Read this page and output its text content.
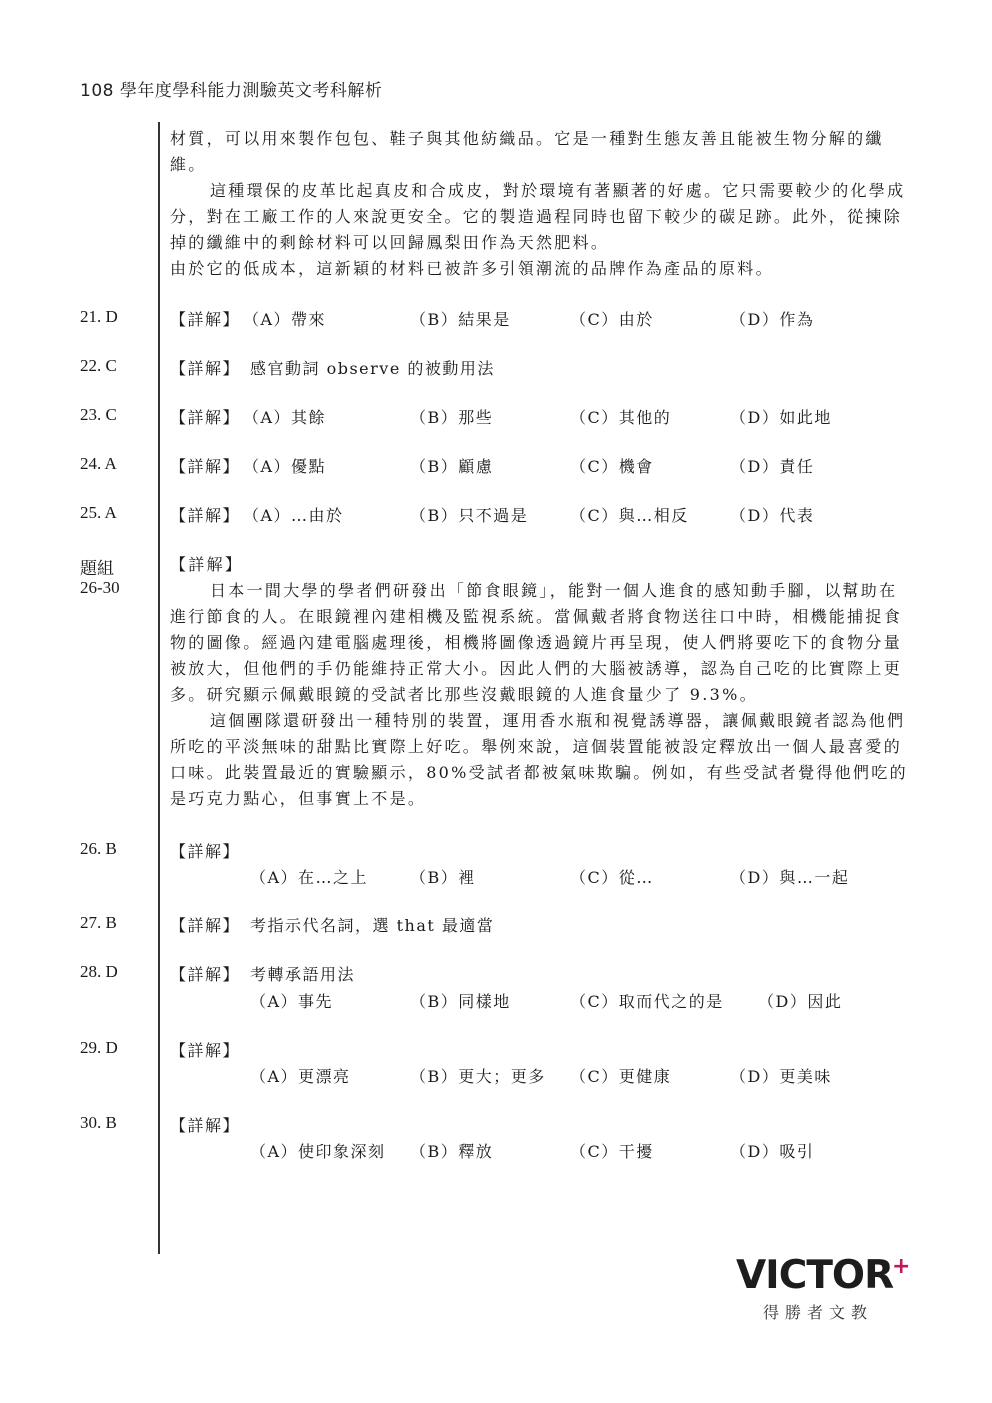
108 學年度學科能力測驗英文考科解析

材質，可以用來製作包包、鞋子與其他紡織品。它是一種對生態友善且能被生物分解的纖維。

這種環保的皮革比起真皮和合成皮，對於環境有著顯著的好處。它只需要較少的化學成分，對在工廠工作的人來說更安全。它的製造過程同時也留下較少的碳足跡。此外，從揀除掉的纖維中的剩餘材料可以回歸鳳梨田作為天然肥料。

由於它的低成本，這新穎的材料已被許多引領潮流的品牌作為產品的原料。

21. D	【詳解】 （A）帶來	（B）結果是	（C）由於	（D）作為
22. C	【詳解】 感官動詞 observe 的被動用法
23. C	【詳解】 （A）其餘	（B）那些	（C）其他的	（D）如此地
24. A	【詳解】 （A）優點	（B）顧慮	（C）機會	（D）責任
25. A	【詳解】 （A）…由於	（B）只不過是	（C）與…相反	（D）代表
題組
26-30

【詳解】

日本一間大學的學者們研發出「節食眼鏡」，能對一個人進食的感知動手腳，以幫助在進行節食的人。在眼鏡裡內建相機及監視系統。當佩戴者將食物送往口中時，相機能捕捉食物的圖像。經過內建電腦處理後，相機將圖像透過鏡片再呈現，使人們將要吃下的食物分量被放大，但他們的手仍能維持正常大小。因此人們的大腦被誘導，認為自己吃的比實際上更多。研究顯示佩戴眼鏡的受試者比那些沒戴眼鏡的人進食量少了 9.3%。

這個團隊還研發出一種特別的裝置，運用香水瓶和視覺誘導器，讓佩戴眼鏡者認為他們所吃的平淡無味的甜點比實際上好吃。舉例來說，這個裝置能被設定釋放出一個人最喜愛的口味。此裝置最近的實驗顯示，80%受試者都被氣味欺騙。例如，有些受試者覺得他們吃的是巧克力點心，但事實上不是。

26. B	【詳解】
（A）在…之上	（B）裡	（C）從…	（D）與…一起
27. B	【詳解】 考指示代名詞，選 that 最適當
28. D	【詳解】 考轉承語用法
（A）事先	（B）同樣地	（C）取而代之的是 （D）因此
29. D	【詳解】
（A）更漂亮	（B）更大；更多 （C）更健康	（D）更美味
30. B	【詳解】
（A）使印象深刻 （B）釋放	（C）干擾	（D）吸引
VICTOR
+
得勝者文教
